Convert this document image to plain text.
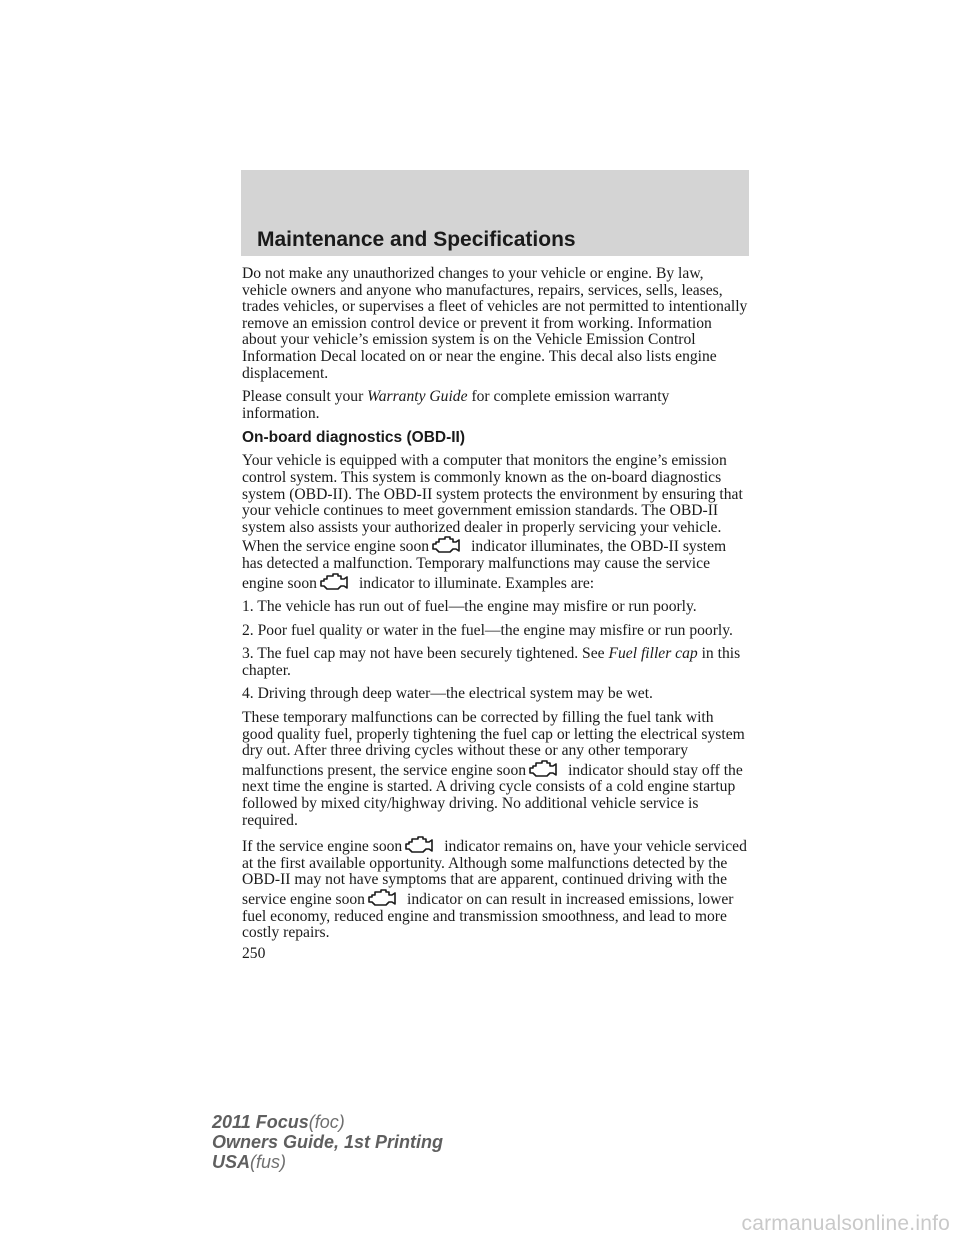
Maintenance and Specifications

Do not make any unauthorized changes to your vehicle or engine. By law, vehicle owners and anyone who manufactures, repairs, services, sells, leases, trades vehicles, or supervises a fleet of vehicles are not permitted to intentionally remove an emission control device or prevent it from working. Information about your vehicle’s emission system is on the Vehicle Emission Control Information Decal located on or near the engine. This decal also lists engine displacement.

Please consult your Warranty Guide for complete emission warranty information.

On-board diagnostics (OBD-II)

Your vehicle is equipped with a computer that monitors the engine’s emission control system. This system is commonly known as the on-board diagnostics system (OBD-II). The OBD-II system protects the environment by ensuring that your vehicle continues to meet government emission standards. The OBD-II system also assists your authorized dealer in properly servicing your vehicle. When the service engine soon	indicator illuminates, the OBD-II system has detected a malfunction. Temporary malfunctions may cause the service engine soon	indicator to illuminate. Examples are:

1. The vehicle has run out of fuel—the engine may misfire or run poorly.

2. Poor fuel quality or water in the fuel—the engine may misfire or run poorly.

3. The fuel cap may not have been securely tightened. See Fuel filler cap in this chapter.

4. Driving through deep water—the electrical system may be wet.

These temporary malfunctions can be corrected by filling the fuel tank with good quality fuel, properly tightening the fuel cap or letting the electrical system dry out. After three driving cycles without these or any other temporary malfunctions present, the service engine soon	indicator should stay off the next time the engine is started. A driving cycle consists of a cold engine startup followed by mixed city/highway driving. No additional vehicle service is required.

If the service engine soon	indicator remains on, have your vehicle serviced at the first available opportunity. Although some malfunctions detected by the OBD-II may not have symptoms that are apparent, continued driving with the service engine soon	indicator on can result in increased emissions, lower fuel economy, reduced engine and transmission smoothness, and lead to more costly repairs.

250
2011 Focus(foc)
Owners Guide, 1st Printing
USA(fus)
carmanualsonline.info
